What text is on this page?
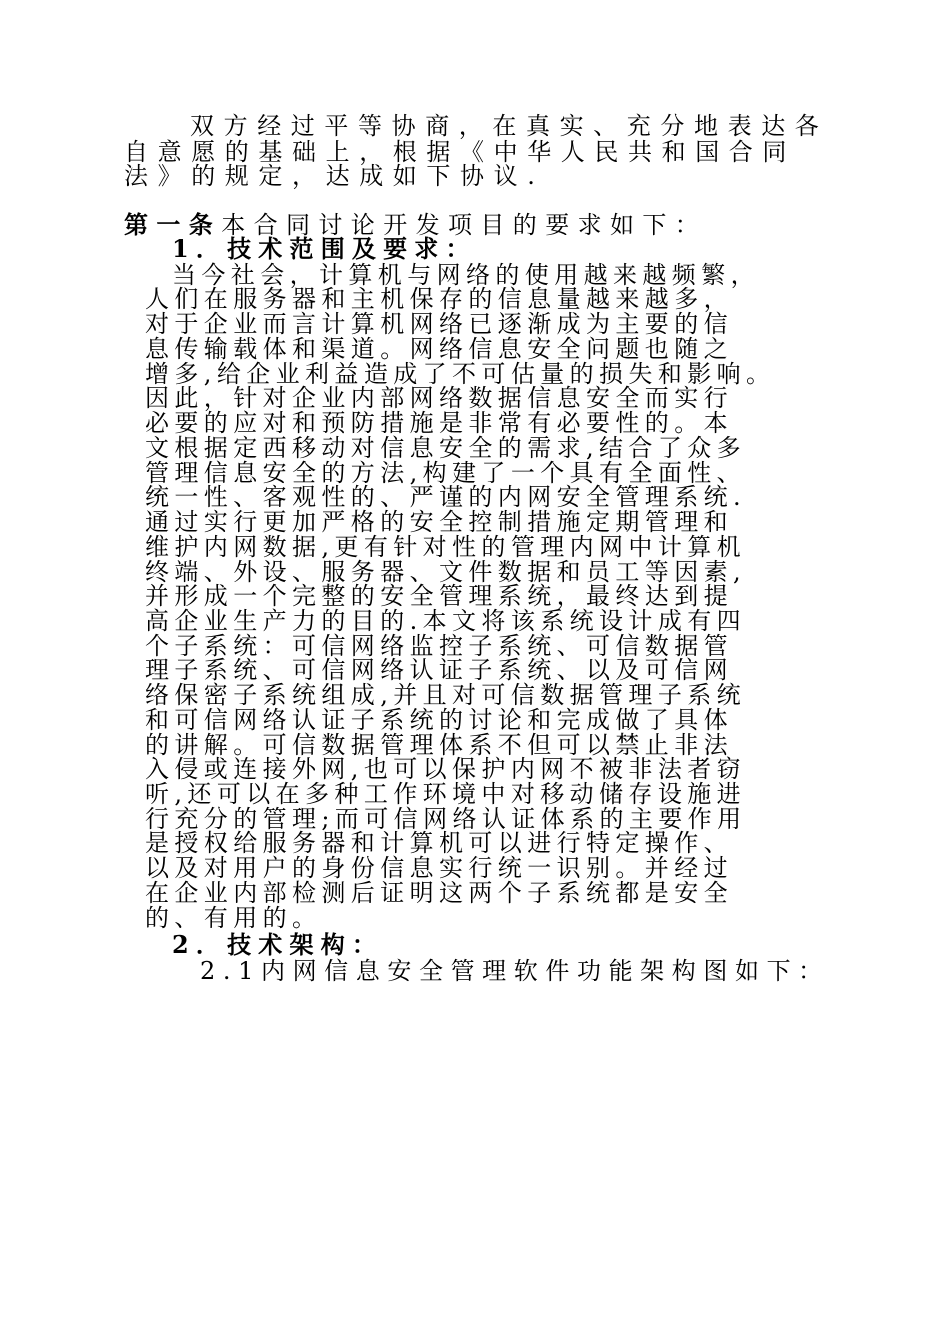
双方经过平等协商，在真实、充分地表达各
自意愿的基础上，根据《中华人民共和国合同
法》的规定，达成如下协议.
第一条本合同讨论开发项目的要求如下：
1．技术范围及要求：
当今社会，计算机与网络的使用越来越频繁，
人们在服务器和主机保存的信息量越来越多，
对于企业而言计算机网络已逐渐成为主要的信
息传输载体和渠道。网络信息安全问题也随之
增多,给企业利益造成了不可估量的损失和影响。
因此，针对企业内部网络数据信息安全而实行
必要的应对和预防措施是非常有必要性的。本
文根据定西移动对信息安全的需求,结合了众多
管理信息安全的方法,构建了一个具有全面性、
统一性、客观性的、严谨的内网安全管理系统.
通过实行更加严格的安全控制措施定期管理和
维护内网数据,更有针对性的管理内网中计算机
终端、外设、服务器、文件数据和员工等因素,
并形成一个完整的安全管理系统，最终达到提
高企业生产力的目的.本文将该系统设计成有四
个子系统：可信网络监控子系统、可信数据管
理子系统、可信网络认证子系统、以及可信网
络保密子系统组成,并且对可信数据管理子系统
和可信网络认证子系统的讨论和完成做了具体
的讲解。可信数据管理体系不但可以禁止非法
入侵或连接外网,也可以保护内网不被非法者窃
听,还可以在多种工作环境中对移动储存设施进
行充分的管理;而可信网络认证体系的主要作用
是授权给服务器和计算机可以进行特定操作、
以及对用户的身份信息实行统一识别。并经过
在企业内部检测后证明这两个子系统都是安全
的、有用的。
2．技术架构：
2.1内网信息安全管理软件功能架构图如下：
